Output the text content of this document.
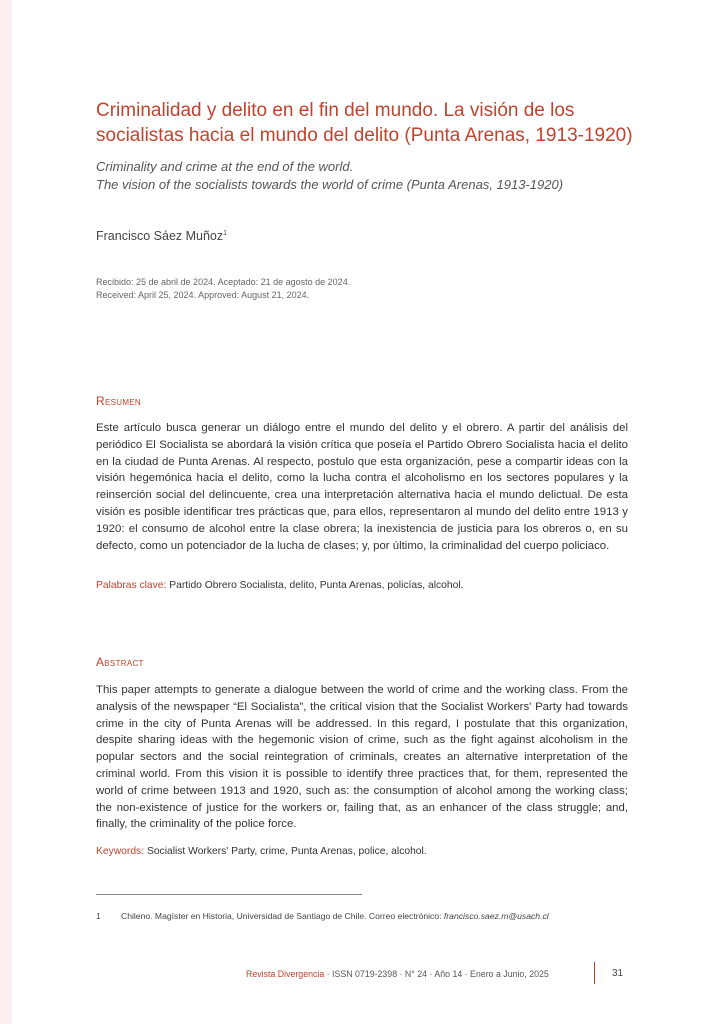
Criminalidad y delito en el fin del mundo. La visión de los socialistas hacia el mundo del delito (Punta Arenas, 1913-1920)
Criminality and crime at the end of the world.
The vision of the socialists towards the world of crime (Punta Arenas, 1913-1920)
Francisco Sáez Muñoz$^1$
Recibido: 25 de abril de 2024. Aceptado: 21 de agosto de 2024.
Received: April 25, 2024. Approved: August 21, 2024.
Resumen

Este artículo busca generar un diálogo entre el mundo del delito y el obrero. A partir del análisis del periódico El Socialista se abordará la visión crítica que poseía el Partido Obrero Socialista hacia el delito en la ciudad de Punta Arenas. Al respecto, postulo que esta organización, pese a compartir ideas con la visión hegemónica hacia el delito, como la lucha contra el alcoholismo en los sectores populares y la reinserción social del delincuente, crea una interpretación alternativa hacia el mundo delictual. De esta visión es posible identificar tres prácticas que, para ellos, representaron al mundo del delito entre 1913 y 1920: el consumo de alcohol entre la clase obrera; la inexistencia de justicia para los obreros o, en su defecto, como un potenciador de la lucha de clases; y, por último, la criminalidad del cuerpo policiaco.

Palabras clave: Partido Obrero Socialista, delito, Punta Arenas, policías, alcohol.
Abstract

This paper attempts to generate a dialogue between the world of crime and the working class. From the analysis of the newspaper “El Socialista”, the critical vision that the Socialist Workers' Party had towards crime in the city of Punta Arenas will be addressed. In this regard, I postulate that this organization, despite sharing ideas with the hegemonic vision of crime, such as the fight against alcoholism in the popular sectors and the social reintegration of criminals, creates an alternative interpretation of the criminal world. From this vision it is possible to identify three practices that, for them, represented the world of crime between 1913 and 1920, such as: the consumption of alcohol among the working class; the non-existence of justice for the workers or, failing that, as an enhancer of the class struggle; and, finally, the criminality of the police force.

Keywords: Socialist Workers' Party, crime, Punta Arenas, police, alcohol.
1 Chileno. Magíster en Historia, Universidad de Santiago de Chile. Correo electrónico: francisco.saez.m@usach.cl
Revista Divergencia · ISSN 0719-2398 · N° 24 · Año 14 · Enero a Junio, 2025	31
